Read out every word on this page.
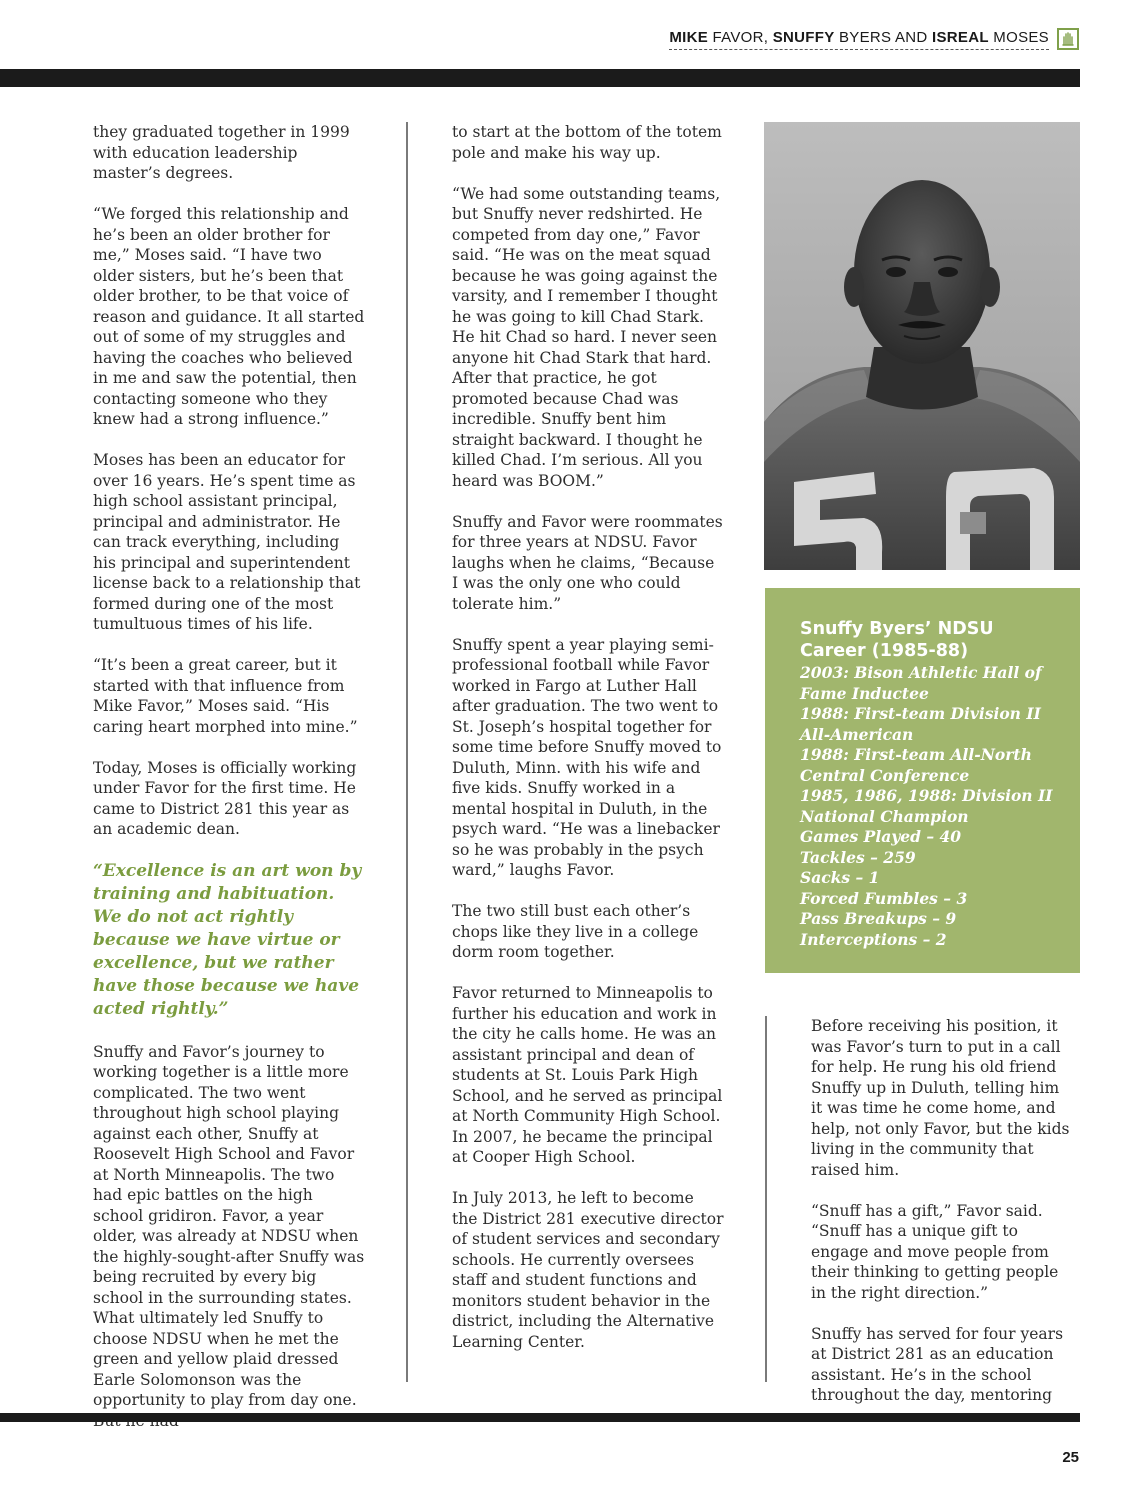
MIKE FAVOR, SNUFFY BYERS AND ISREAL MOSES

they graduated together in 1999 with education leadership master’s degrees.

“We forged this relationship and he’s been an older brother for me,” Moses said. “I have two older sisters, but he’s been that older brother, to be that voice of reason and guidance. It all started out of some of my struggles and having the coaches who believed in me and saw the potential, then contacting someone who they knew had a strong influence.”

Moses has been an educator for over 16 years. He’s spent time as high school assistant principal, principal and administrator. He can track everything, including his principal and superintendent license back to a relationship that formed during one of the most tumultuous times of his life.

“It’s been a great career, but it started with that influence from Mike Favor,” Moses said. “His caring heart morphed into mine.”

Today, Moses is officially working under Favor for the first time. He came to District 281 this year as an academic dean.

“Excellence is an art won by training and habituation. We do not act rightly because we have virtue or excellence, but we rather have those because we have acted rightly.”

Snuffy and Favor’s journey to working together is a little more complicated. The two went throughout high school playing against each other, Snuffy at Roosevelt High School and Favor at North Minneapolis. The two had epic battles on the high school gridiron. Favor, a year older, was already at NDSU when the highly-sought-after Snuffy was being recruited by every big school in the surrounding states. What ultimately led Snuffy to choose NDSU when he met the green and yellow plaid dressed Earle Solomonson was the opportunity to play from day one.

to start at the bottom of the totem pole and make his way up.

“We had some outstanding teams, but Snuffy never redshirted. He competed from day one,” Favor said. “He was on the meat squad because he was going against the varsity, and I remember I thought he was going to kill Chad Stark. He hit Chad so hard. I never seen anyone hit Chad Stark that hard. After that practice, he got promoted because Chad was incredible. Snuffy bent him straight backward. I thought he killed Chad. I’m serious. All you heard was BOOM.”

Snuffy and Favor were roommates for three years at NDSU. Favor laughs when he claims, “Because I was the only one who could tolerate him.”

Snuffy spent a year playing semi-professional football while Favor worked in Fargo at Luther Hall after graduation. The two went to St. Joseph’s hospital together for some time before Snuffy moved to Duluth, Minn. with his wife and five kids. Snuffy worked in a mental hospital in Duluth, in the psych ward. “He was a linebacker so he was probably in the psych ward,” laughs Favor.

The two still bust each other’s chops like they live in a college dorm room together.

Favor returned to Minneapolis to further his education and work in the city he calls home. He was an assistant principal and dean of students at St. Louis Park High School, and he served as principal at North Community High School. In 2007, he became the principal at Cooper High School.

In July 2013, he left to become the District 281 executive director of student services and secondary schools. He currently oversees staff and student functions and monitors student behavior in the district, including the Alternative Learning Center.

Snuffy Byers’ NDSU Career (1985-88)
2003: Bison Athletic Hall of Fame Inductee
1988: First-team Division II All-American
1988: First-team All-North Central Conference
1985, 1986, 1988: Division II National Champion
Games Played – 40
Tackles – 259
Sacks – 1
Forced Fumbles – 3
Pass Breakups – 9
Interceptions – 2

Before receiving his position, it was Favor’s turn to put in a call for help. He rung his old friend Snuffy up in Duluth, telling him it was time he come home, and help, not only Favor, but the kids living in the community that raised him.

“Snuff has a gift,” Favor said. “Snuff has a unique gift to engage and move people from their thinking to getting people in the right direction.”

Snuffy has served for four years at District 281 as an education assistant. He’s in the school throughout the day, mentoring

25
